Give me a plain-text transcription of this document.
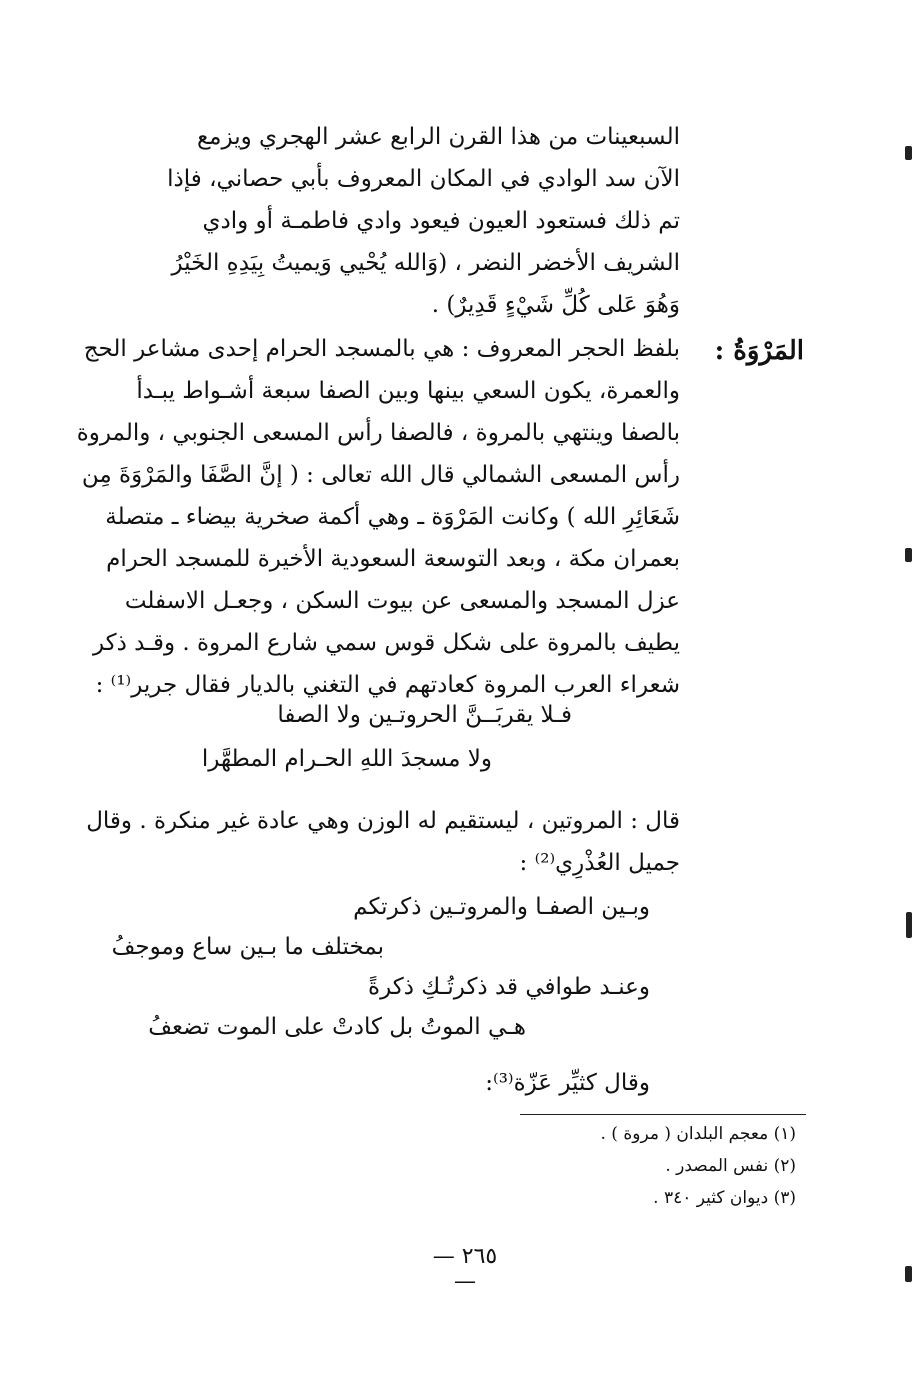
السبعينات من هذا القرن الرابع عشر الهجري ويزمع
الآن سد الوادي في المكان المعروف بأبي حصاني، فإذا
تم ذلك فستعود العيون فيعود وادي فاطمـة أو وادي
الشريف الأخضر النضر ، (وَالله يُحْيي وَيميتُ بِيَدِهِ الخَيْرُ
وَهُوَ عَلى كُلِّ شَيْءٍ قَدِيرٌ) .
المَرْوَةُ :
بلفظ الحجر المعروف : هي بالمسجد الحرام إحدى مشاعر الحج
والعمرة، يكون السعي بينها وبين الصفا سبعة أشـواط يبـدأ
بالصفا وينتهي بالمروة ، فالصفا رأس المسعى الجنوبي ، والمروة
رأس المسعى الشمالي قال الله تعالى : ( إنَّ الصَّفَا والمَرْوَةَ مِن
شَعَائِرِ الله ) وكانت المَرْوَة ـ وهي أكمة صخرية بيضاء ـ متصلة
بعمران مكة ، وبعد التوسعة السعودية الأخيرة للمسجد الحرام
عزل المسجد والمسعى عن بيوت السكن ، وجعـل الاسفلت
يطيف بالمروة على شكل قوس سمي شارع المروة . وقـد ذكر
شعراء العرب المروة كعادتهم في التغني بالديار فقال جرير⁽¹⁾ :
فـلا يقربَــنَّ الحروتـين ولا الصفا
ولا مسجدَ اللهِ الحـرام المطهَّرا
قال : المروتين ، ليستقيم له الوزن وهي عادة غير منكرة . وقال
جميل العُذْرِي⁽²⁾ :
وبـين الصفـا والمروتـين ذكرتكم
بمختلف ما بـين ساع وموجفُ
وعنـد طوافي قد ذكرتُـكِ ذكرةً
هـي الموتُ بل كادتْ على الموت تضعفُ
وقال كثيِّر عَزّة⁽³⁾:
(١) معجم البلدان ( مروة ) .
(٢) نفس المصدر .
(٣) ديوان كثير ٣٤٠ .
— ٢٦٥ —
